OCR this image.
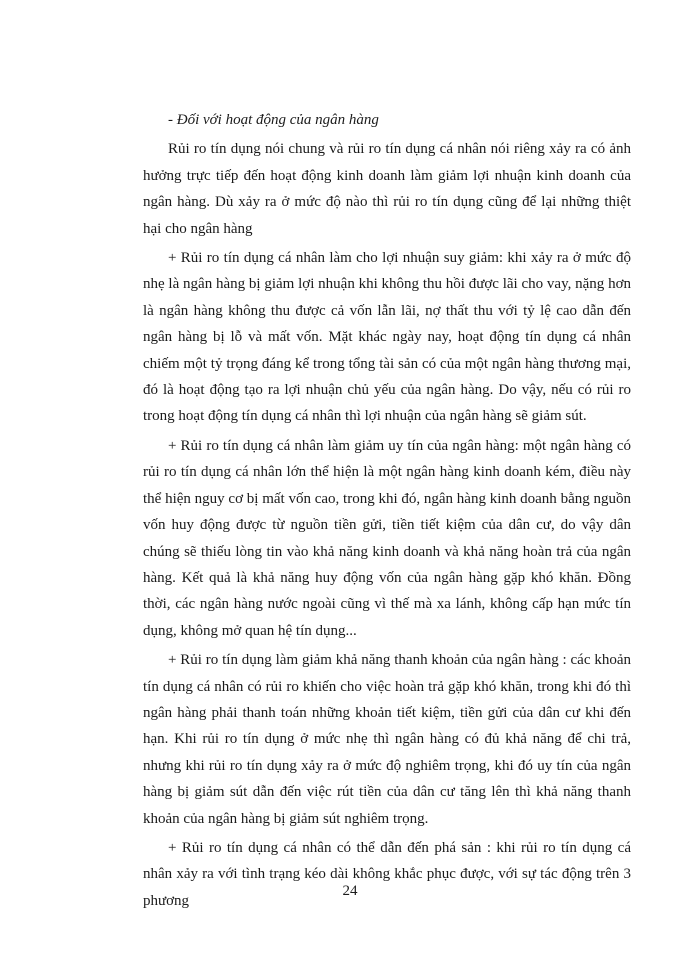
- Đối với hoạt động của ngân hàng

Rủi ro tín dụng nói chung và rủi ro tín dụng cá nhân nói riêng xảy ra có ảnh hưởng trực tiếp đến hoạt động kinh doanh làm giảm lợi nhuận kinh doanh của ngân hàng. Dù xảy ra ở mức độ nào thì rủi ro tín dụng cũng để lại những thiệt hại cho ngân hàng

+ Rủi ro tín dụng cá nhân làm cho lợi nhuận suy giảm: khi xảy ra ở mức độ nhẹ là ngân hàng bị giảm lợi nhuận khi không thu hồi được lãi cho vay, nặng hơn là ngân hàng không thu được cả vốn lẫn lãi, nợ thất thu với tỷ lệ cao dẫn đến ngân hàng bị lỗ và mất vốn. Mặt khác ngày nay, hoạt động tín dụng cá nhân chiếm một tỷ trọng đáng kể trong tổng tài sản có của một ngân hàng thương mại, đó là hoạt động tạo ra lợi nhuận chủ yếu của ngân hàng. Do vậy, nếu có rủi ro trong hoạt động tín dụng cá nhân thì lợi nhuận của ngân hàng sẽ giảm sút.

+ Rủi ro tín dụng cá nhân làm giảm uy tín của ngân hàng: một ngân hàng có rủi ro tín dụng cá nhân lớn thể hiện là một ngân hàng kinh doanh kém, điều này thể hiện nguy cơ bị mất vốn cao, trong khi đó, ngân hàng kinh doanh bằng nguồn vốn huy động được từ nguồn tiền gửi, tiền tiết kiệm của dân cư, do vậy dân chúng sẽ thiếu lòng tin vào khả năng kinh doanh và khả năng hoàn trả của ngân hàng. Kết quả là khả năng huy động vốn của ngân hàng gặp khó khăn. Đồng thời, các ngân hàng nước ngoài cũng vì thế mà xa lánh, không cấp hạn mức tín dụng, không mở quan hệ tín dụng...

+ Rủi ro tín dụng làm giảm khả năng thanh khoản của ngân hàng : các khoản tín dụng cá nhân có rủi ro khiến cho việc hoàn trả gặp khó khăn, trong khi đó thì ngân hàng phải thanh toán những khoản tiết kiệm, tiền gửi của dân cư khi đến hạn. Khi rủi ro tín dụng ở mức nhẹ thì ngân hàng có đủ khả năng để chi trả, nhưng khi rủi ro tín dụng xảy ra ở mức độ nghiêm trọng, khi đó uy tín của ngân hàng bị giảm sút dẫn đến việc rút tiền của dân cư tăng lên thì khả năng thanh khoản của ngân hàng bị giảm sút nghiêm trọng.

+ Rủi ro tín dụng cá nhân có thể dẫn đến phá sản : khi rủi ro tín dụng cá nhân xảy ra với tình trạng kéo dài không khắc phục được, với sự tác động trên 3 phương

24
